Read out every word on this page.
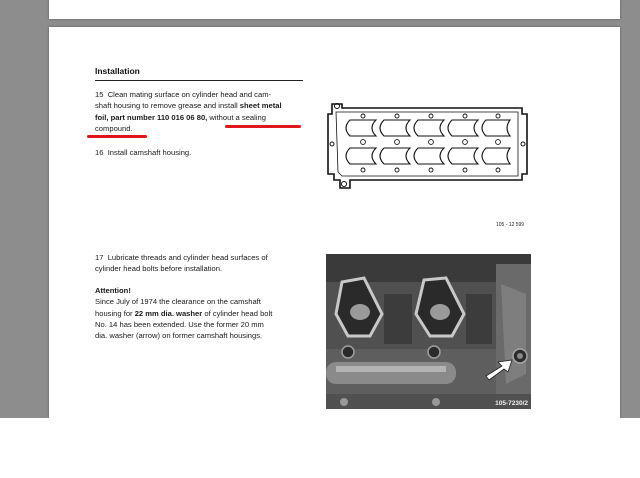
Installation
15 Clean mating surface on cylinder head and cam-
shaft housing to remove grease and install sheet metal
foil, part number 110 016 06 80, without a sealing
compound.
16 Install camshaft housing.
105 - 12 599
17 Lubricate threads and cylinder head surfaces of
cylinder head bolts before installation.
Attention!
Since July of 1974 the clearance on the camshaft
housing for 22 mm dia. washer of cylinder head bolt
No. 14 has been extended. Use the former 20 mm
dia. washer (arrow) on former camshaft housings.
105-7230/2
